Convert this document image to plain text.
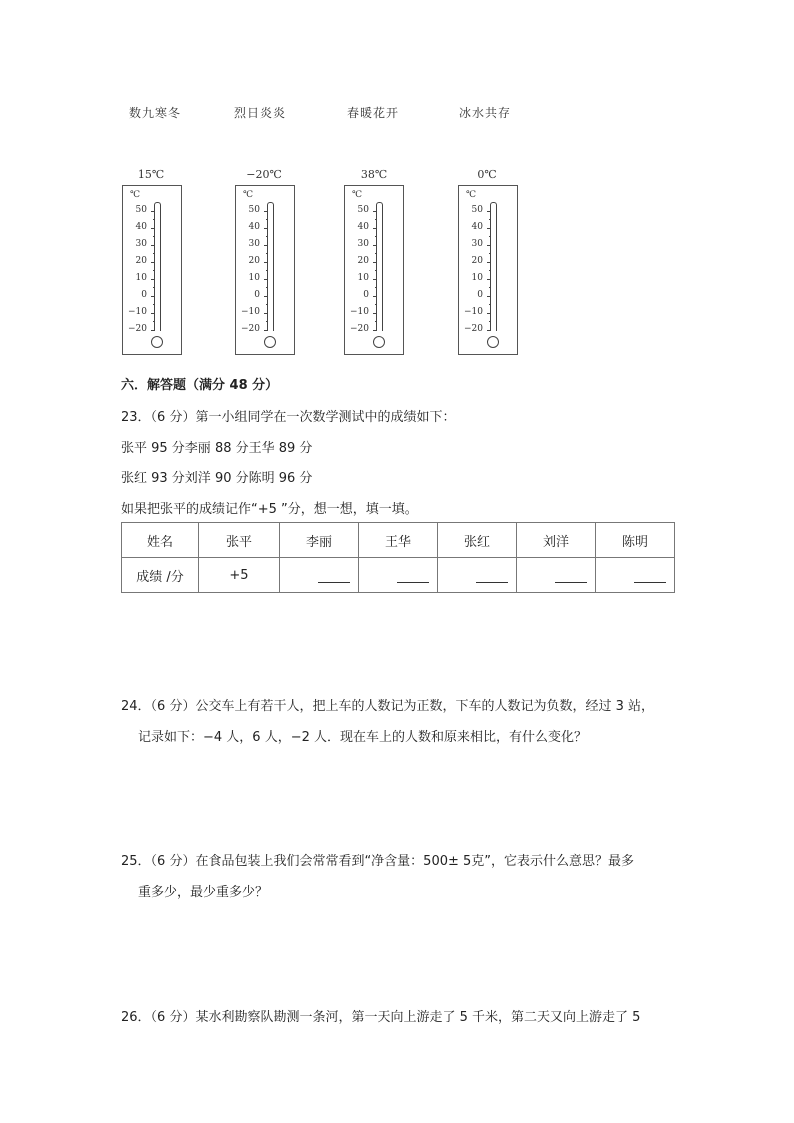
数九寒冬	烈日炎炎	春暖花开	冰水共存
15℃
℃
50
40
30
20
10
0
−10
−20
−20℃
℃
50
40
30
20
10
0
−10
−20
38℃
℃
50
40
30
20
10
0
−10
−20
0℃
℃
50
40
30
20
10
0
−10
−20
六．解答题（满分 48 分）
23．（6 分）第一小组同学在一次数学测试中的成绩如下：
张平 95 分李丽 88 分王华 89 分
张红 93 分刘洋 90 分陈明 96 分
如果把张平的成绩记作“+5 ”分，想一想，填一填。
姓名	张平	李丽	王华	张红	刘洋	陈明
成绩 /分	+5					
24．（6 分）公交车上有若干人，把上车的人数记为正数，下车的人数记为负数，经过 3 站，
记录如下：−4 人，6 人，−2 人．现在车上的人数和原来相比，有什么变化？
25．（6 分）在食品包装上我们会常常看到“净含量：500± 5克”，它表示什么意思？最多
重多少，最少重多少？
26．（6 分）某水利勘察队勘测一条河，第一天向上游走了 5 千米，第二天又向上游走了 5
